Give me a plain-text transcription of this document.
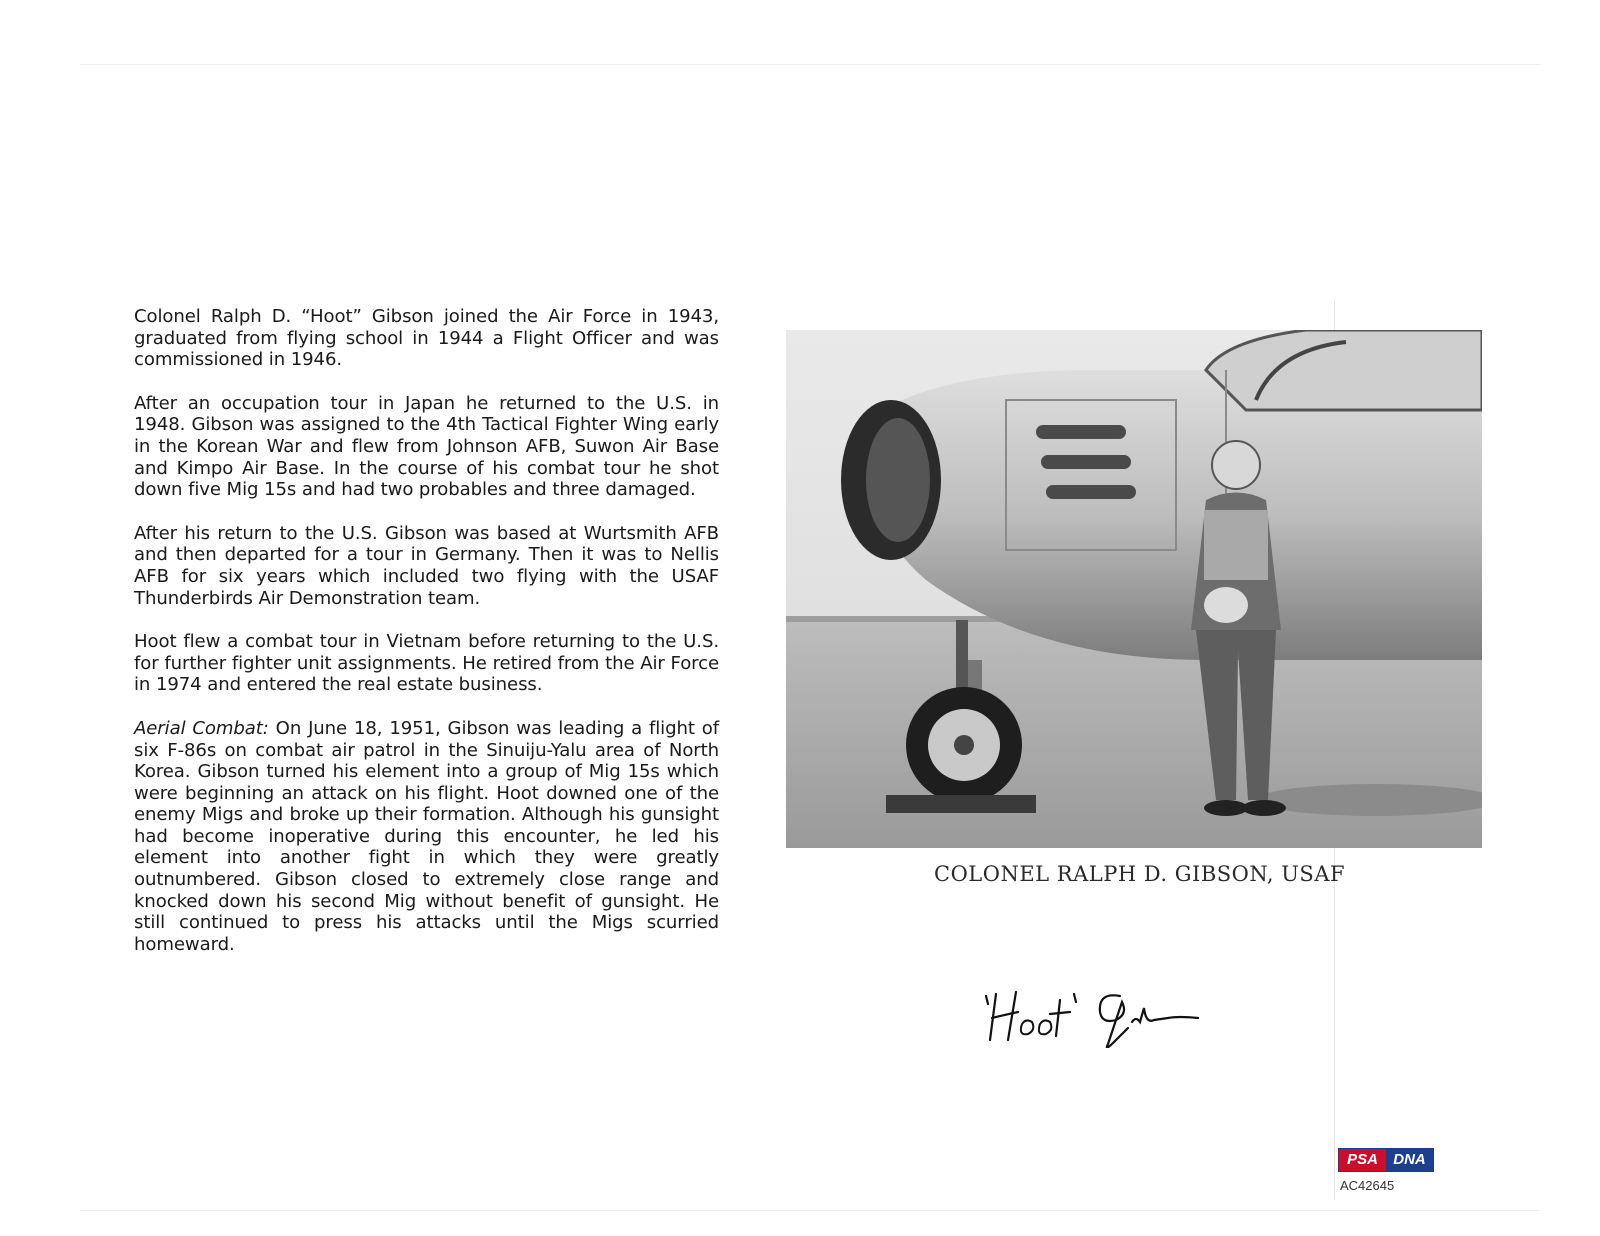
Colonel Ralph D. “Hoot” Gibson joined the Air Force in 1943, graduated from flying school in 1944 a Flight Officer and was commissioned in 1946.

After an occupation tour in Japan he returned to the U.S. in 1948. Gibson was assigned to the 4th Tactical Fighter Wing early in the Korean War and flew from Johnson AFB, Suwon Air Base and Kimpo Air Base. In the course of his combat tour he shot down five Mig 15s and had two probables and three damaged.

After his return to the U.S. Gibson was based at Wurtsmith AFB and then departed for a tour in Germany. Then it was to Nellis AFB for six years which included two flying with the USAF Thunderbirds Air Demonstration team.

Hoot flew a combat tour in Vietnam before returning to the U.S. for further fighter unit assignments. He retired from the Air Force in 1974 and entered the real estate business.

Aerial Combat: On June 18, 1951, Gibson was leading a flight of six F-86s on combat air patrol in the Sinuiju-Yalu area of North Korea. Gibson turned his element into a group of Mig 15s which were beginning an attack on his flight. Hoot downed one of the enemy Migs and broke up their formation. Although his gunsight had become inoperative during this encounter, he led his element into another fight in which they were greatly outnumbered. Gibson closed to extremely close range and knocked down his second Mig without benefit of gunsight. He still continued to press his attacks until the Migs scurried homeward.

COLONEL RALPH D. GIBSON, USAF
PSA	DNA
AC42645
